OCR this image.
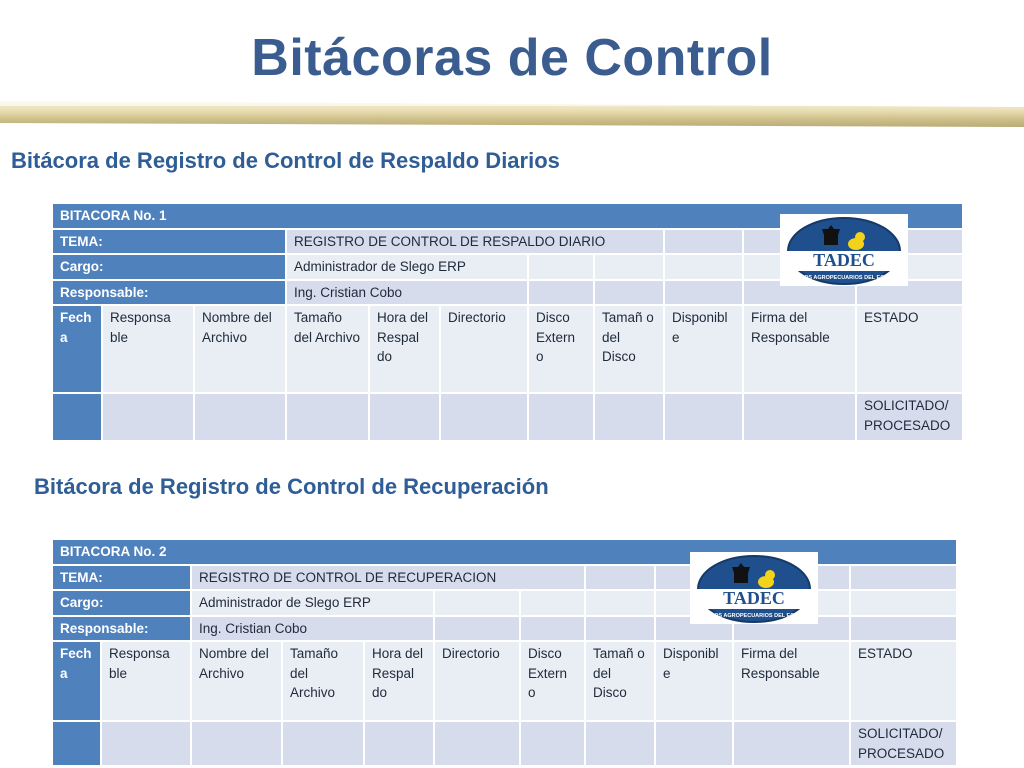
Bitácoras de Control
Bitácora de Registro de Control de Respaldo Diarios
BITACORA No. 1										
TEMA:			REGISTRO DE CONTROL DE RESPALDO DIARIO							
Cargo:			Administrador de Slego ERP							
Responsable:			Ing. Cristian Cobo							
Fech a	Responsa ble	Nombre del Archivo	Tamaño del Archivo	Hora del Respal do	Directorio	Disco Extern o	Tamañ o del Disco	Disponibl e	Firma del Responsable	ESTADO
										SOLICITADO/ PROCESADO
TADEC
TECNICOS AGROPECUARIOS DEL ECUADOR
Bitácora de Registro de Control de Recuperación
BITACORA No. 2										
TEMA:		REGISTRO DE CONTROL DE RECUPERACION								
Cargo:		Administrador de Slego ERP								
Responsable:		Ing. Cristian Cobo								
Fech a	Responsa ble	Nombre del Archivo	Tamaño del Archivo	Hora del Respal do	Directorio	Disco Extern o	Tamañ o del Disco	Disponibl e	Firma del Responsable	ESTADO
										SOLICITADO/ PROCESADO
TADEC
TECNICOS AGROPECUARIOS DEL ECUADOR
